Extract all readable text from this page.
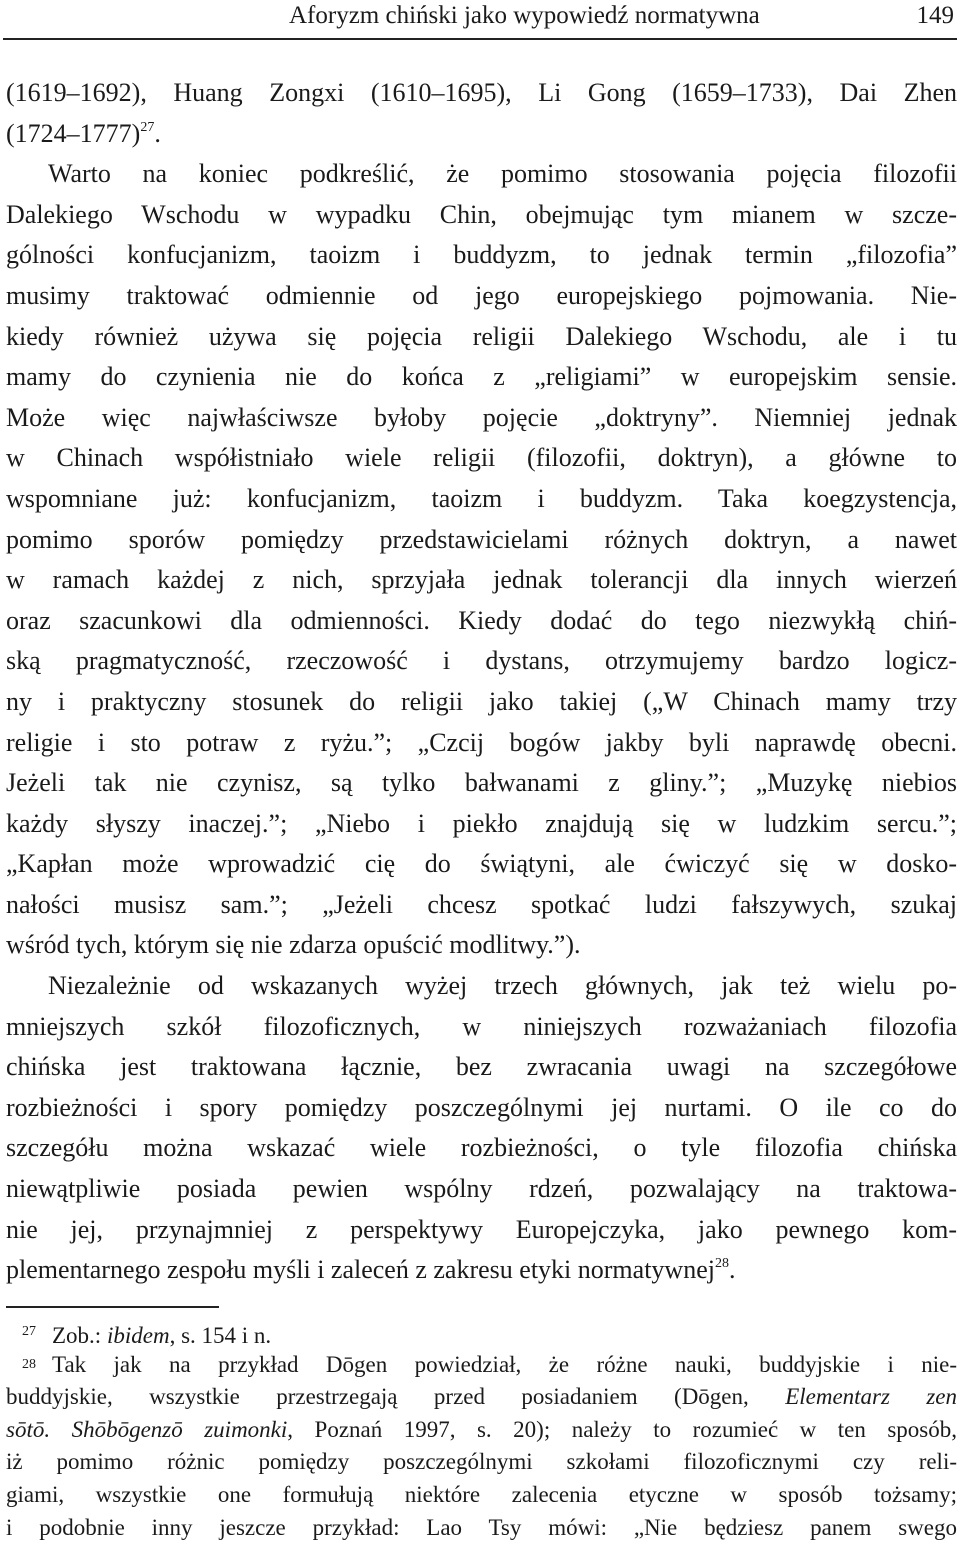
Aforyzm chiński jako wypowiedź normatywna	149
(1619–1692), Huang Zongxi (1610–1695), Li Gong (1659–1733), Dai Zhen
(1724–1777)$^{27}$.
Warto na koniec podkreślić, że pomimo stosowania pojęcia filozofii
Dalekiego Wschodu w wypadku Chin, obejmując tym mianem w szcze-
gólności konfucjanizm, taoizm i buddyzm, to jednak termin „filozofia”
musimy traktować odmiennie od jego europejskiego pojmowania. Nie-
kiedy również używa się pojęcia religii Dalekiego Wschodu, ale i tu
mamy do czynienia nie do końca z „religiami” w europejskim sensie.
Może więc najwłaściwsze byłoby pojęcie „doktryny”. Niemniej jednak
w Chinach współistniało wiele religii (filozofii, doktryn), a główne to
wspomniane już: konfucjanizm, taoizm i buddyzm. Taka koegzystencja,
pomimo sporów pomiędzy przedstawicielami różnych doktryn, a nawet
w ramach każdej z nich, sprzyjała jednak tolerancji dla innych wierzeń
oraz szacunkowi dla odmienności. Kiedy dodać do tego niezwykłą chiń-
ską pragmatyczność, rzeczowość i dystans, otrzymujemy bardzo logicz-
ny i praktyczny stosunek do religii jako takiej („W Chinach mamy trzy
religie i sto potraw z ryżu.”; „Czcij bogów jakby byli naprawdę obecni.
Jeżeli tak nie czynisz, są tylko bałwanami z gliny.”; „Muzykę niebios
każdy słyszy inaczej.”; „Niebo i piekło znajdują się w ludzkim sercu.”;
„Kapłan może wprowadzić cię do świątyni, ale ćwiczyć się w dosko-
nałości musisz sam.”; „Jeżeli chcesz spotkać ludzi fałszywych, szukaj
wśród tych, którym się nie zdarza opuścić modlitwy.”).
Niezależnie od wskazanych wyżej trzech głównych, jak też wielu po-
mniejszych szkół filozoficznych, w niniejszych rozważaniach filozofia
chińska jest traktowana łącznie, bez zwracania uwagi na szczegółowe
rozbieżności i spory pomiędzy poszczególnymi jej nurtami. O ile co do
szczegółu można wskazać wiele rozbieżności, o tyle filozofia chińska
niewątpliwie posiada pewien wspólny rdzeń, pozwalający na traktowa-
nie jej, przynajmniej z perspektywy Europejczyka, jako pewnego kom-
plementarnego zespołu myśli i zaleceń z zakresu etyki normatywnej$^{28}$.
27 Zob.: ibidem, s. 154 i n.
28 Tak jak na przykład Dōgen powiedział, że różne nauki, buddyjskie i nie-
buddyjskie, wszystkie przestrzegają przed posiadaniem (Dōgen, Elementarz zen
sōtō. Shōbōgenzō zuimonki, Poznań 1997, s. 20); należy to rozumieć w ten sposób,
iż pomimo różnic pomiędzy poszczególnymi szkołami filozoficznymi czy reli-
giami, wszystkie one formułują niektóre zalecenia etyczne w sposób tożsamy;
i podobnie inny jeszcze przykład: Lao Tsy mówi: „Nie będziesz panem swego
